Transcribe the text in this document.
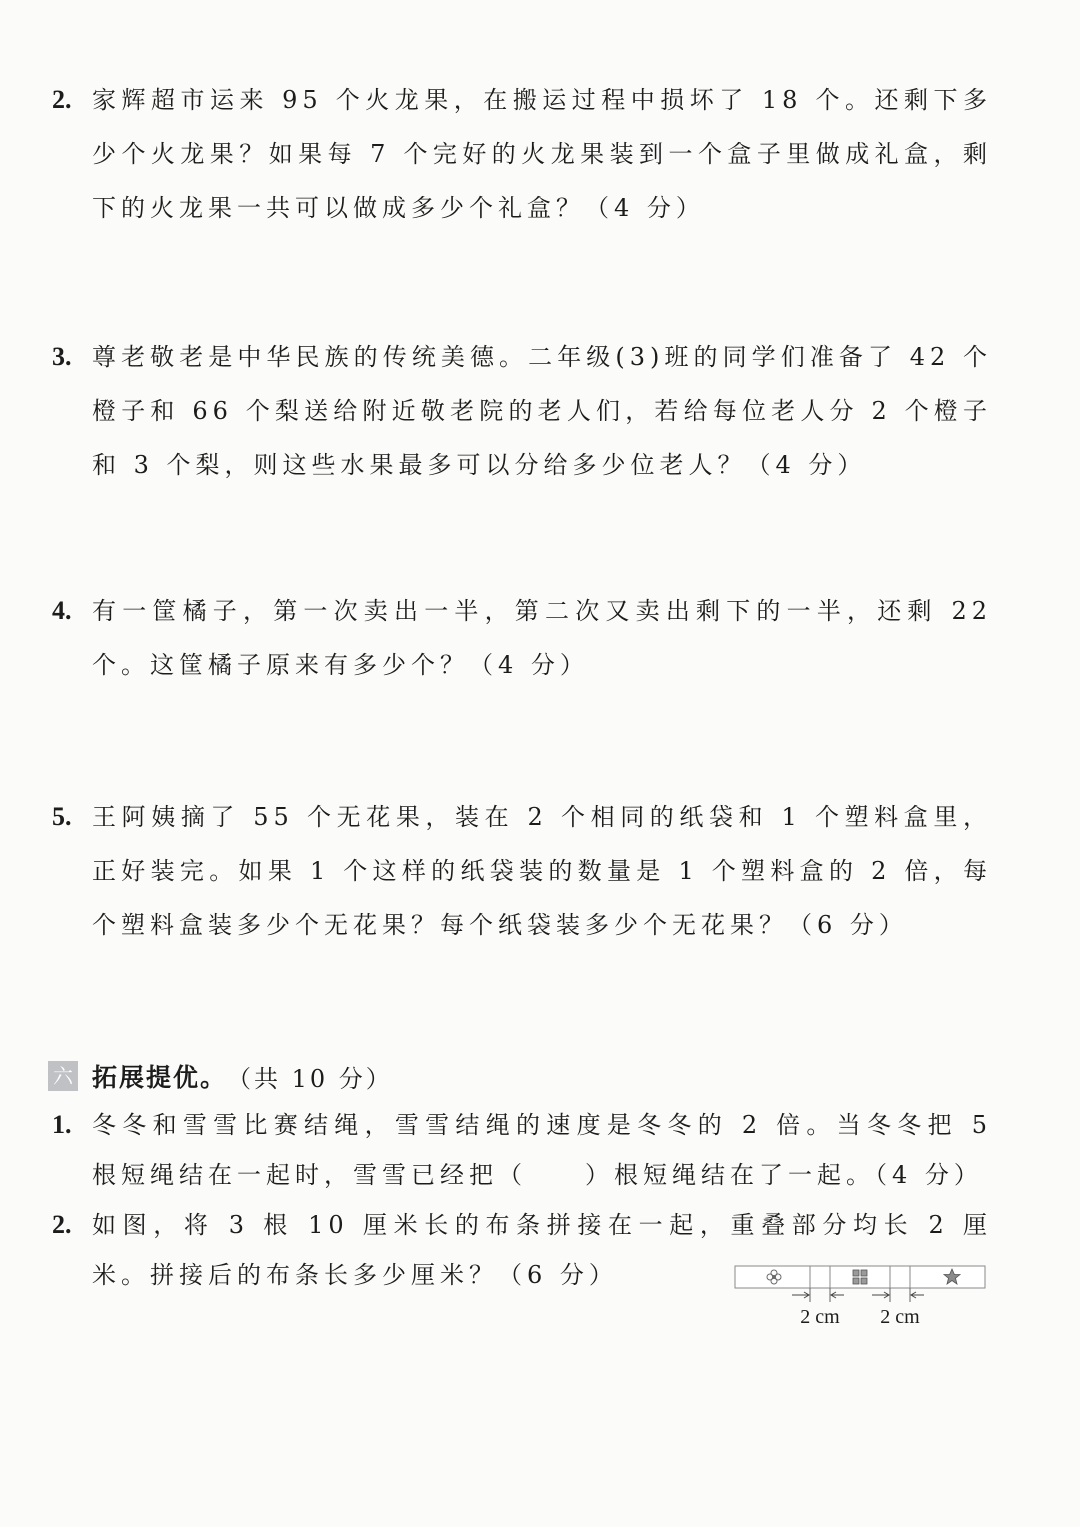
2. 家辉超市运来 95 个火龙果，在搬运过程中损坏了 18 个。还剩下多少个火龙果？如果每 7 个完好的火龙果装到一个盒子里做成礼盒，剩下的火龙果一共可以做成多少个礼盒？（4 分）
3. 尊老敬老是中华民族的传统美德。二年级(3)班的同学们准备了 42 个橙子和 66 个梨送给附近敬老院的老人们，若给每位老人分 2 个橙子和 3 个梨，则这些水果最多可以分给多少位老人？（4 分）
4. 有一筐橘子，第一次卖出一半，第二次又卖出剩下的一半，还剩 22 个。这筐橘子原来有多少个？（4 分）
5. 王阿姨摘了 55 个无花果，装在 2 个相同的纸袋和 1 个塑料盒里，正好装完。如果 1 个这样的纸袋装的数量是 1 个塑料盒的 2 倍，每个塑料盒装多少个无花果？每个纸袋装多少个无花果？（6 分）
六 拓展提优。 （共 10 分）
1. 冬冬和雪雪比赛结绳，雪雪结绳的速度是冬冬的 2 倍。当冬冬把 5 根短绳结在一起时，雪雪已经把（ ）根短绳结在了一起。（4 分）
2. 如图，将 3 根 10 厘米长的布条拼接在一起，重叠部分均长 2 厘米。拼接后的布条长多少厘米？（6 分）
2 cm 2 cm
